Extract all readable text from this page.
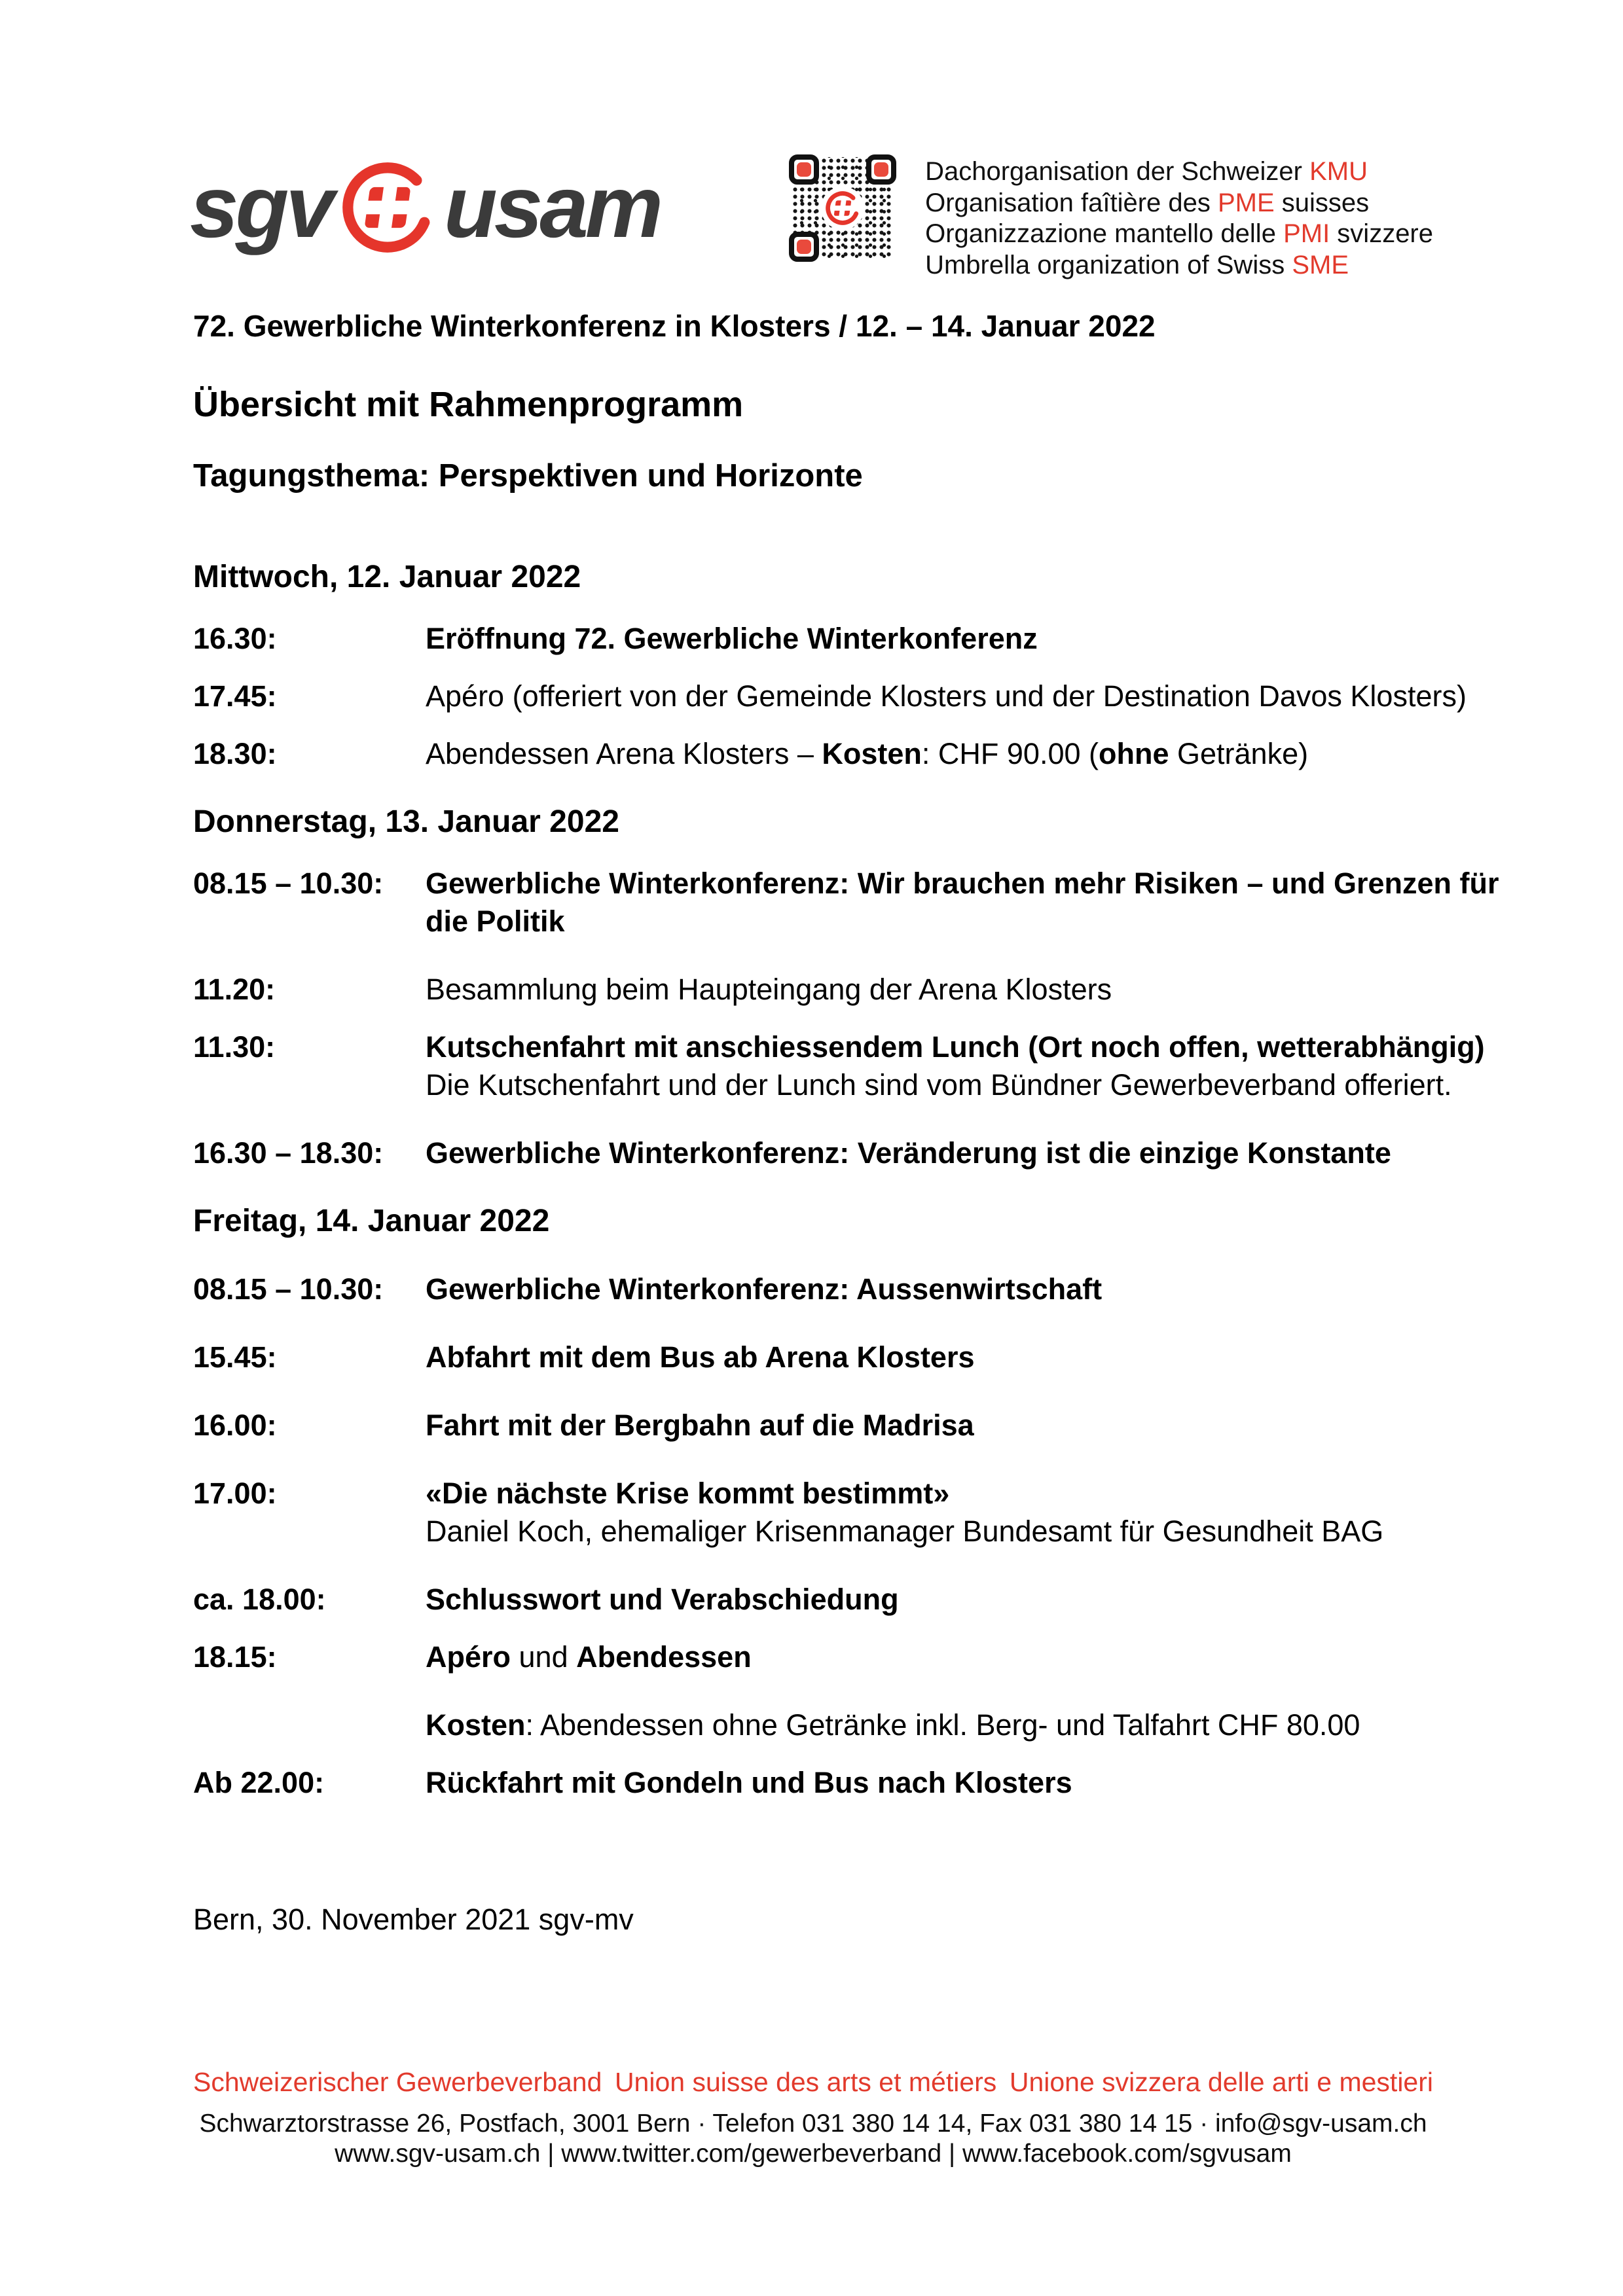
sgv usam	Dachorganisation der Schweizer KMU
Organisation faîtière des PME suisses
Organizzazione mantello delle PMI svizzere
Umbrella organization of Swiss SME
72. Gewerbliche Winterkonferenz in Klosters / 12. – 14. Januar 2022
Übersicht mit Rahmenprogramm
Tagungsthema: Perspektiven und Horizonte
Mittwoch, 12. Januar 2022
16.30:	Eröffnung 72. Gewerbliche Winterkonferenz
17.45:	Apéro (offeriert von der Gemeinde Klosters und der Destination Davos Klosters)
18.30:	Abendessen Arena Klosters – Kosten: CHF 90.00 (ohne Getränke)
Donnerstag, 13. Januar 2022
08.15 – 10.30:	Gewerbliche Winterkonferenz: Wir brauchen mehr Risiken – und Grenzen für
die Politik
11.20:	Besammlung beim Haupteingang der Arena Klosters
11.30:	Kutschenfahrt mit anschiessendem Lunch (Ort noch offen, wetterabhängig)
Die Kutschenfahrt und der Lunch sind vom Bündner Gewerbeverband offeriert.
16.30 – 18.30:	Gewerbliche Winterkonferenz: Veränderung ist die einzige Konstante
Freitag, 14. Januar 2022
08.15 – 10.30:	Gewerbliche Winterkonferenz: Aussenwirtschaft
15.45:	Abfahrt mit dem Bus ab Arena Klosters
16.00:	Fahrt mit der Bergbahn auf die Madrisa
17.00:	«Die nächste Krise kommt bestimmt»
Daniel Koch, ehemaliger Krisenmanager Bundesamt für Gesundheit BAG
ca. 18.00:	Schlusswort und Verabschiedung
18.15:	Apéro und Abendessen
Kosten: Abendessen ohne Getränke inkl. Berg- und Talfahrt CHF 80.00
Ab 22.00:	Rückfahrt mit Gondeln und Bus nach Klosters
Bern, 30. November 2021 sgv-mv
Schweizerischer Gewerbeverband Union suisse des arts et métiers Unione svizzera delle arti e mestieri
Schwarztorstrasse 26, Postfach, 3001 Bern · Telefon 031 380 14 14, Fax 031 380 14 15 · info@sgv-usam.ch
www.sgv-usam.ch | www.twitter.com/gewerbeverband | www.facebook.com/sgvusam
